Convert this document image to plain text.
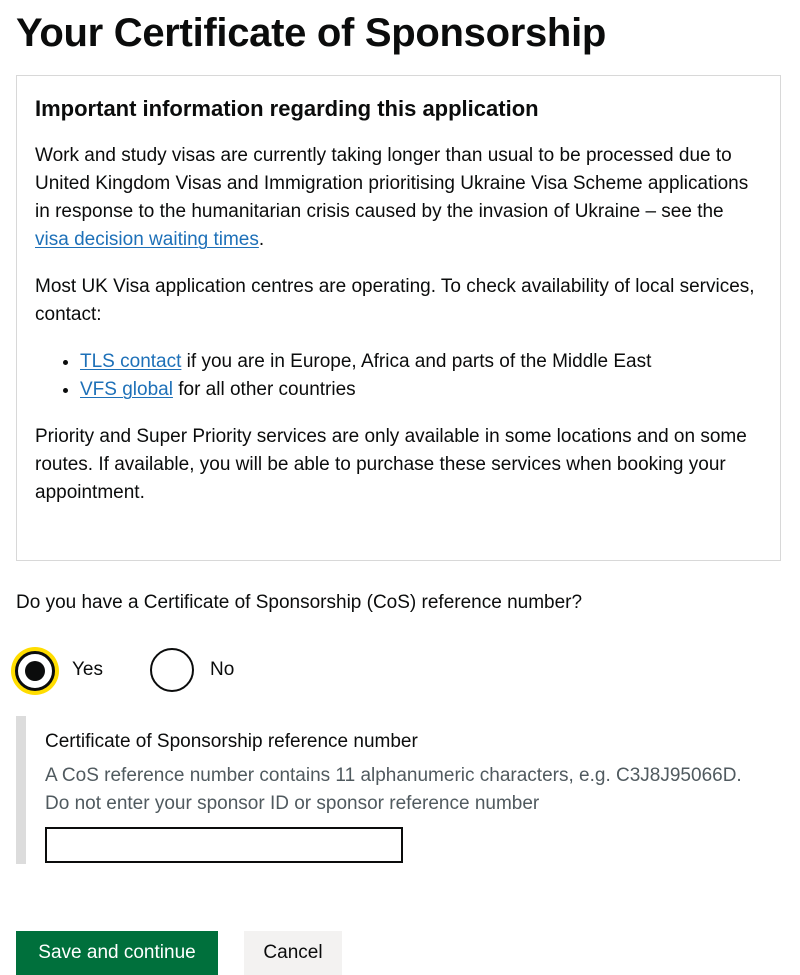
Your Certificate of Sponsorship
Important information regarding this application

Work and study visas are currently taking longer than usual to be processed due to United Kingdom Visas and Immigration prioritising Ukraine Visa Scheme applications in response to the humanitarian crisis caused by the invasion of Ukraine – see the visa decision waiting times.

Most UK Visa application centres are operating. To check availability of local services, contact:

• TLS contact if you are in Europe, Africa and parts of the Middle East
• VFS global for all other countries

Priority and Super Priority services are only available in some locations and on some routes. If available, you will be able to purchase these services when booking your appointment.

Do you have a Certificate of Sponsorship (CoS) reference number?

Yes	No
Certificate of Sponsorship reference number
A CoS reference number contains 11 alphanumeric characters, e.g. C3J8J95066D. Do not enter your sponsor ID or sponsor reference number
Save and continue	Cancel
